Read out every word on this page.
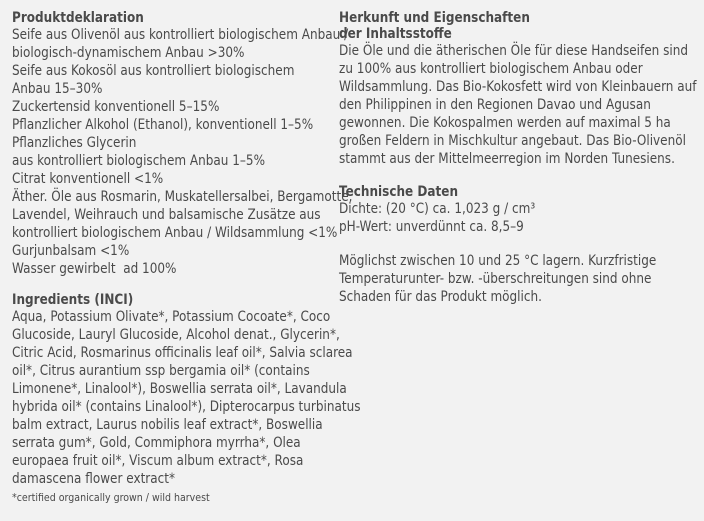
Produktdeklaration

Seife aus Olivenöl aus kontrolliert biologischem Anbau /

biologisch-dynamischem Anbau >30%

Seife aus Kokosöl aus kontrolliert biologischem

Anbau 15–30%

Zuckertensid konventionell 5–15%

Pflanzlicher Alkohol (Ethanol), konventionell 1–5%

Pflanzliches Glycerin

aus kontrolliert biologischem Anbau 1–5%

Citrat konventionell <1%

Äther. Öle aus Rosmarin, Muskatellersalbei, Bergamotte,

Lavendel, Weihrauch und balsamische Zusätze aus

kontrolliert biologischem Anbau / Wildsammlung <1%

Gurjunbalsam <1%

Wasser gewirbelt  ad 100%

Ingredients (INCI)

Aqua, Potassium Olivate*, Potassium Cocoate*, Coco

Glucoside, Lauryl Glucoside, Alcohol denat., Glycerin*,

Citric Acid, Rosmarinus officinalis leaf oil*, Salvia sclarea

oil*, Citrus aurantium ssp bergamia oil* (contains

Limonene*, Linalool*), Boswellia serrata oil*, Lavandula

hybrida oil* (contains Linalool*), Dipterocarpus turbinatus

balm extract, Laurus nobilis leaf extract*, Boswellia

serrata gum*, Gold, Commiphora myrrha*, Olea

europaea fruit oil*, Viscum album extract*, Rosa

damascena flower extract*

*certified organically grown / wild harvest

Herkunft und Eigenschaften der Inhaltsstoffe

Die Öle und die ätherischen Öle für diese Handseifen sind zu 100% aus kontrolliert biologischem Anbau oder Wildsammlung. Das Bio-Kokosfett wird von Kleinbauern auf den Philippinen in den Regionen Davao und Agusan gewonnen. Die Kokospalmen werden auf maximal 5 ha großen Feldern in Mischkultur angebaut. Das Bio-Olivenöl stammt aus der Mittelmeerregion im Norden Tunesiens.

Technische Daten

Dichte: (20 °C) ca. 1,023 g / cm³

pH-Wert: unverdünnt ca. 8,5–9

Möglichst zwischen 10 und 25 °C lagern. Kurzfristige Temperaturunter- bzw. -überschreitungen sind ohne Schaden für das Produkt möglich.
